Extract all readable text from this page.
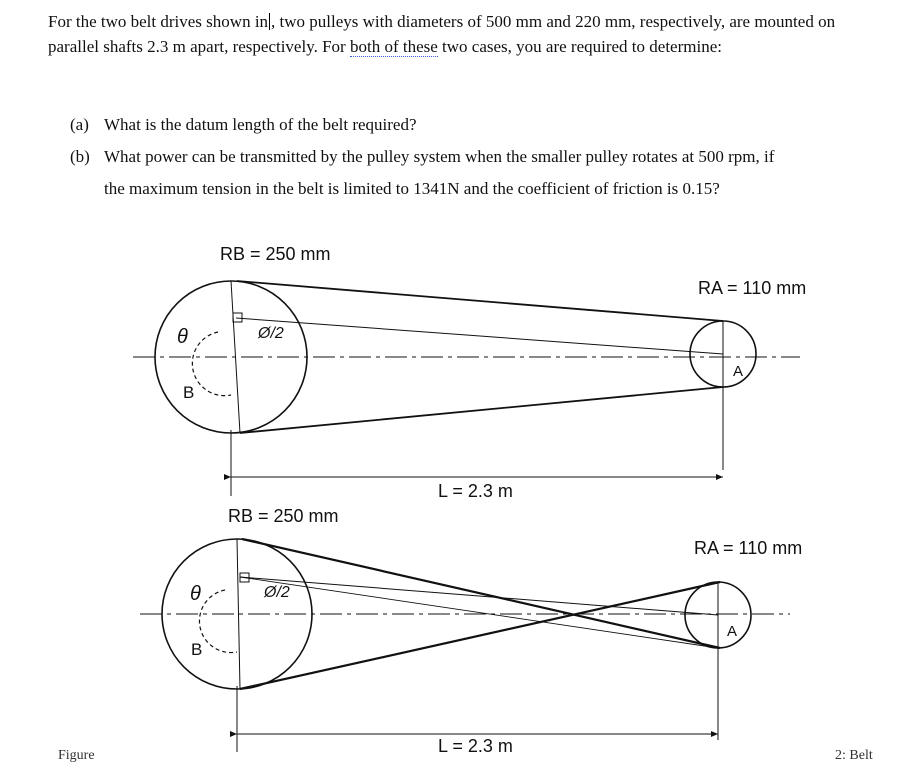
For the two belt drives shown in , two pulleys with diameters of 500 mm and 220 mm, respectively, are mounted on parallel shafts 2.3 m apart, respectively. For both of these two cases, you are required to determine:
(a) What is the datum length of the belt required?
(b) What power can be transmitted by the pulley system when the smaller pulley rotates at 500 rpm, if
the maximum tension in the belt is limited to 1341N and the coefficient of friction is 0.15?
RB = 250 mm
RA = 110 mm
θ	Ø/2
B
A
L = 2.3 m
RB = 250 mm
RA = 110 mm
θ	Ø/2
B
A
L = 2.3 m
Figure	2: Belt
